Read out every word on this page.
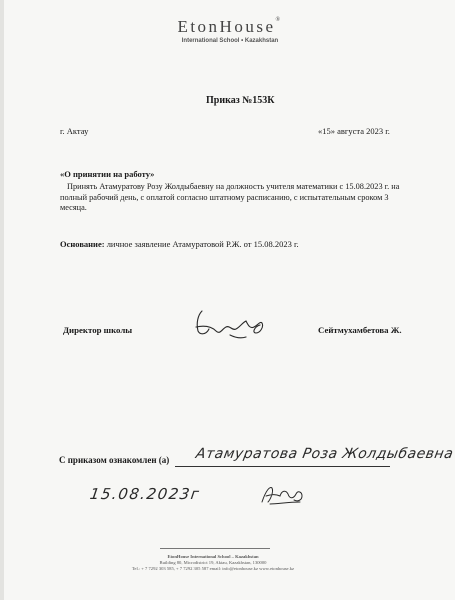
EtonHouse®
International School • Kazakhstan
Приказ №153К
г. Актау	«15» августа 2023 г.
«О принятии на работу»
Принять Атамуратову Розу Жолдыбаевну на должность учителя математики с 15.08.2023 г. на полный рабочий день, с оплатой согласно штатному расписанию, с испытательным сроком 3 месяца.
Основание: личное заявление Атамуратовой Р.Ж. от 15.08.2023 г.
Директор школы	Сейтмухамбетова Ж.
С приказом ознакомлен (а) Атамуратова Роза Жолдыбаевна
15.08.2023г
EtonHouse International School – Kazakhstan
Building 80, Microdistrict 19, Aktau, Kazakhstan, 130000
Tel.: + 7 7292 303 585, + 7 7292 305 587 email: info@etonhouse.kz www.etonhouse.kz
